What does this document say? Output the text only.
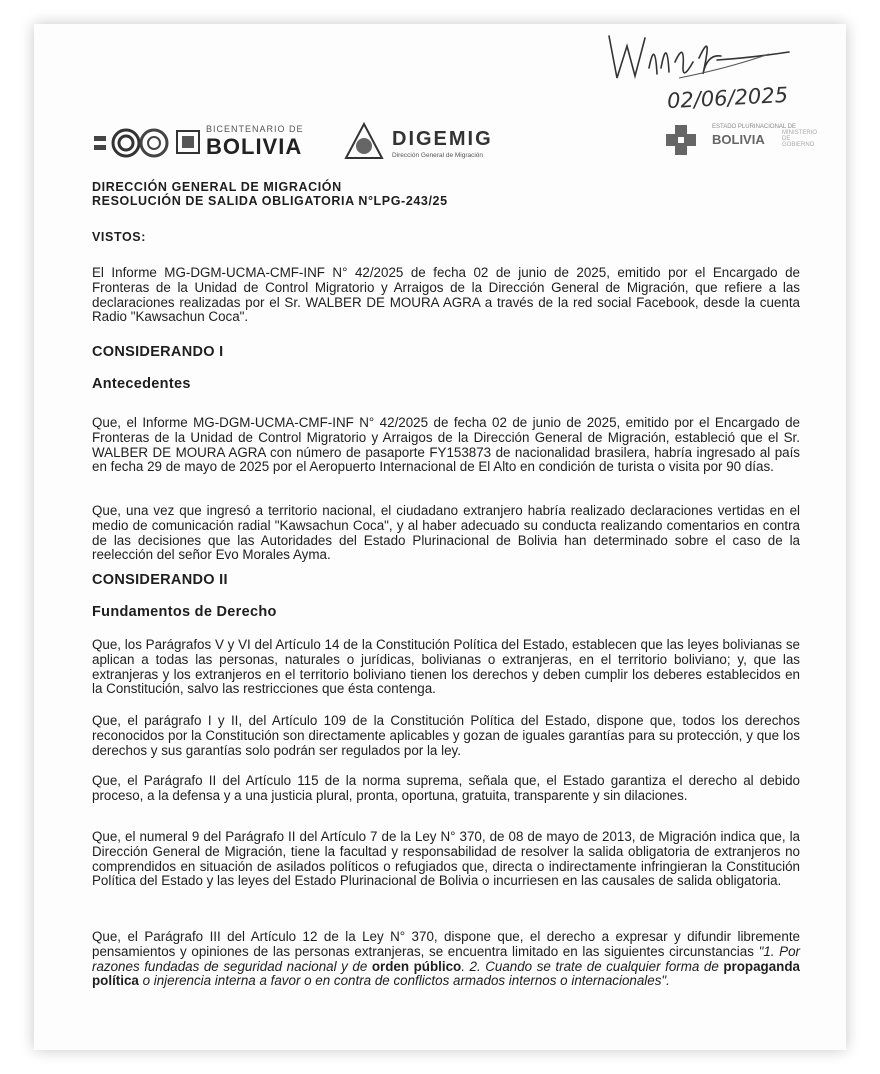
02/06/2025
BICENTENARIO DE
BOLIVIA	DIGEMIG
Dirección General de Migración
ESTADO PLURINACIONAL DE
BOLIVIA	MINISTERIO DE GOBIERNO
DIRECCIÓN GENERAL DE MIGRACIÓN
RESOLUCIÓN DE SALIDA OBLIGATORIA N°LPG-243/25
VISTOS:

El Informe MG-DGM-UCMA-CMF-INF N° 42/2025 de fecha 02 de junio de 2025, emitido por el Encargado de Fronteras de la Unidad de Control Migratorio y Arraigos de la Dirección General de Migración, que refiere a las declaraciones realizadas por el Sr. WALBER DE MOURA AGRA a través de la red social Facebook, desde la cuenta Radio "Kawsachun Coca".

CONSIDERANDO I
Antecedentes

Que, el Informe MG-DGM-UCMA-CMF-INF N° 42/2025 de fecha 02 de junio de 2025, emitido por el Encargado de Fronteras de la Unidad de Control Migratorio y Arraigos de la Dirección General de Migración, estableció que el Sr. WALBER DE MOURA AGRA con número de pasaporte FY153873 de nacionalidad brasilera, habría ingresado al país en fecha 29 de mayo de 2025 por el Aeropuerto Internacional de El Alto en condición de turista o visita por 90 días.

Que, una vez que ingresó a territorio nacional, el ciudadano extranjero habría realizado declaraciones vertidas en el medio de comunicación radial "Kawsachun Coca", y al haber adecuado su conducta realizando comentarios en contra de las decisiones que las Autoridades del Estado Plurinacional de Bolivia han determinado sobre el caso de la reelección del señor Evo Morales Ayma.

CONSIDERANDO II
Fundamentos de Derecho

Que, los Parágrafos V y VI del Artículo 14 de la Constitución Política del Estado, establecen que las leyes bolivianas se aplican a todas las personas, naturales o jurídicas, bolivianas o extranjeras, en el territorio boliviano; y, que las extranjeras y los extranjeros en el territorio boliviano tienen los derechos y deben cumplir los deberes establecidos en la Constitución, salvo las restricciones que ésta contenga.

Que, el parágrafo I y II, del Artículo 109 de la Constitución Política del Estado, dispone que, todos los derechos reconocidos por la Constitución son directamente aplicables y gozan de iguales garantías para su protección, y que los derechos y sus garantías solo podrán ser regulados por la ley.

Que, el Parágrafo II del Artículo 115 de la norma suprema, señala que, el Estado garantiza el derecho al debido proceso, a la defensa y a una justicia plural, pronta, oportuna, gratuita, transparente y sin dilaciones.

Que, el numeral 9 del Parágrafo II del Artículo 7 de la Ley N° 370, de 08 de mayo de 2013, de Migración indica que, la Dirección General de Migración, tiene la facultad y responsabilidad de resolver la salida obligatoria de extranjeros no comprendidos en situación de asilados políticos o refugiados que, directa o indirectamente infringieran la Constitución Política del Estado y las leyes del Estado Plurinacional de Bolivia o incurriesen en las causales de salida obligatoria.

Que, el Parágrafo III del Artículo 12 de la Ley N° 370, dispone que, el derecho a expresar y difundir libremente pensamientos y opiniones de las personas extranjeras, se encuentra limitado en las siguientes circunstancias "1. Por razones fundadas de seguridad nacional y de orden público. 2. Cuando se trate de cualquier forma de propaganda política o injerencia interna a favor o en contra de conflictos armados internos o internacionales".
